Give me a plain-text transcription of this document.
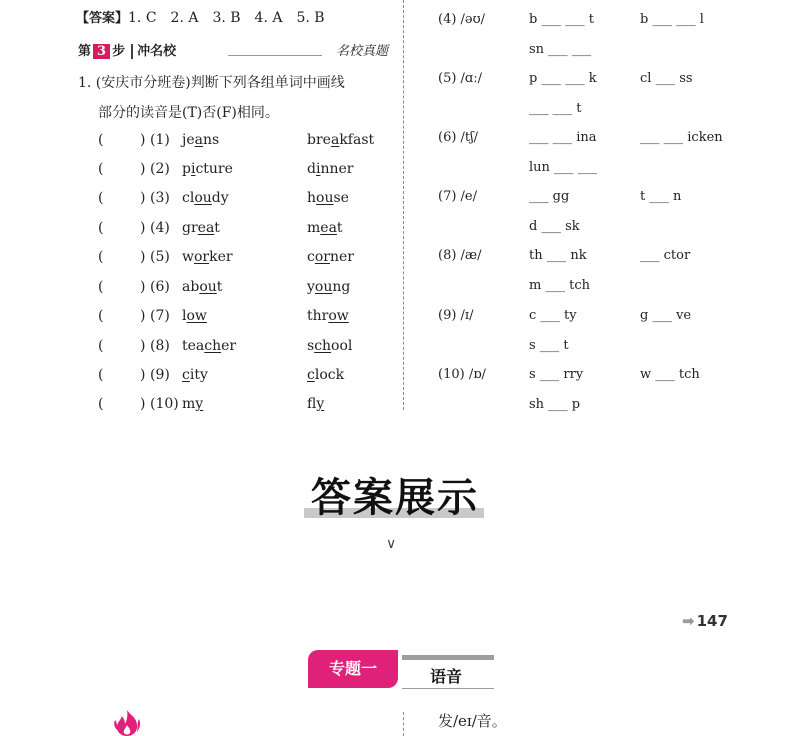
【答案】1. C　2. A　3. B　4. A　5. B
第 3 步 冲名校	名校真题
1. (安庆市分班卷)判断下列各组单词中画线
部分的读音是(T)否(F)相同。
(	) (1) jeans	breakfast
(	) (2) picture	dinner
(	) (3) cloudy	house
(	) (4) great	meat
(	) (5) worker	corner
(	) (6) about	young
(	) (7) low	throw
(	) (8) teacher	school
(	) (9) city	clock
(	) (10) my	fly
(4) /əʊ/	b ___ ___ t	b ___ ___ l
sn ___ ___
(5) /ɑː/	p ___ ___ k	cl ___ ss
___ ___ t
(6) /tʃ/	___ ___ ina	___ ___ icken
lun ___ ___
(7) /e/	___ gg	t ___ n
d ___ sk
(8) /æ/	th ___ nk	___ ctor
m ___ tch
(9) /ɪ/	c ___ ty	g ___ ve
s ___ t
(10) /ɒ/	s ___ rry	w ___ tch
sh ___ p
答案展示
∨
➡ 147
专题一	语音
发/eɪ/音。
